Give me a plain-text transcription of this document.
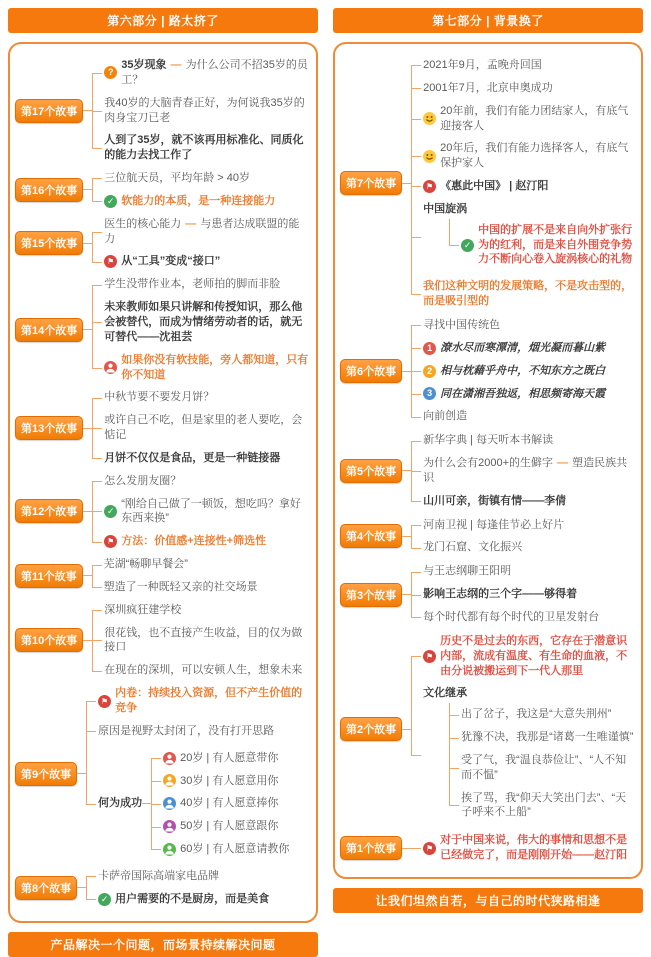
第六部分 | 路太挤了
第17个故事
?
35岁现象 — 为什么公司不招35岁的员工？
我40岁的大脑青春正好，为何说我35岁的肉身宝刀已老
人到了35岁，就不该再用标准化、同质化的能力去找工作了
第16个故事
三位航天员，平均年龄 > 40岁
✓ 软能力的本质，是一种连接能力
第15个故事
医生的核心能力 — 与患者达成联盟的能力
⚑ 从“工具”变成“接口”
第14个故事
学生没带作业本，老师拍的脚而非脸
未来教师如果只讲解和传授知识，那么他会被替代，而成为情绪劳动者的话，就无可替代——沈祖芸
如果你没有软技能，旁人都知道，只有你不知道
第13个故事
中秋节要不要发月饼？
或许自己不吃，但是家里的老人要吃，会惦记
月饼不仅仅是食品，更是一种链接器
第12个故事
怎么发朋友圈？
✓
“刚给自己做了一顿饭，想吃吗？拿好东西来换”
⚑ 方法：价值感+连接性+筛选性
第11个故事
芜湖“畅聊早餐会”
塑造了一种既轻又亲的社交场景
第10个故事
深圳疯狂建学校
很花钱，也不直接产生收益，目的仅为做接口
在现在的深圳，可以安顿人生，想象未来
第9个故事
⚑
内卷：持续投入资源，但不产生价值的竞争
原因是视野太封闭了，没有打开思路
何为成功
20岁 | 有人愿意带你
30岁 | 有人愿意用你
40岁 | 有人愿意捧你
50岁 | 有人愿意跟你
60岁 | 有人愿意请教你
第8个故事
卡萨帝国际高端家电品牌
✓ 用户需要的不是厨房，而是美食
产品解决一个问题，而场景持续解决问题
第七部分 | 背景换了
第7个故事
2021年9月，孟晚舟回国
2001年7月，北京申奥成功
20年前，我们有能力团结家人，有底气迎接客人
20年后，我们有能力选择客人，有底气保护家人
⚑ 《惠此中国》 | 赵汀阳
中国旋涡
✓
中国的扩展不是来自向外扩张行为的红利，而是来自外围竞争势力不断向心卷入旋涡核心的礼物
我们这种文明的发展策略，不是攻击型的，而是吸引型的
第6个故事
寻找中国传统色
1 潦水尽而寒潭清，烟光凝而暮山紫
2 相与枕藉乎舟中，不知东方之既白
3 同在潇湘吾独返，相思频寄海天霞
向前创造
第5个故事
新华字典 | 每天听本书解读
为什么会有2000+的生僻字 — 塑造民族共识
山川可亲，街镇有情——李倩
第4个故事
河南卫视 | 每逢佳节必上好片
龙门石窟、文化振兴
第3个故事
与王志纲聊王阳明
影响王志纲的三个字——够得着
每个时代都有每个时代的卫星发射台
第2个故事
⚑
历史不是过去的东西，它存在于潜意识内部，流成有温度、有生命的血液，不由分说被搬运到下一代人那里
文化继承
出了岔子，我这是“大意失荆州”
犹豫不决，我那是“诸葛一生唯谨慎”
受了气，我“温良恭俭让”、“人不知而不愠”
挨了骂，我“仰天大笑出门去”、“天子呼来不上船”
第1个故事	⚑
对于中国来说，伟大的事情和思想不是已经做完了，而是刚刚开始——赵汀阳
让我们坦然自若，与自己的时代狭路相逢
